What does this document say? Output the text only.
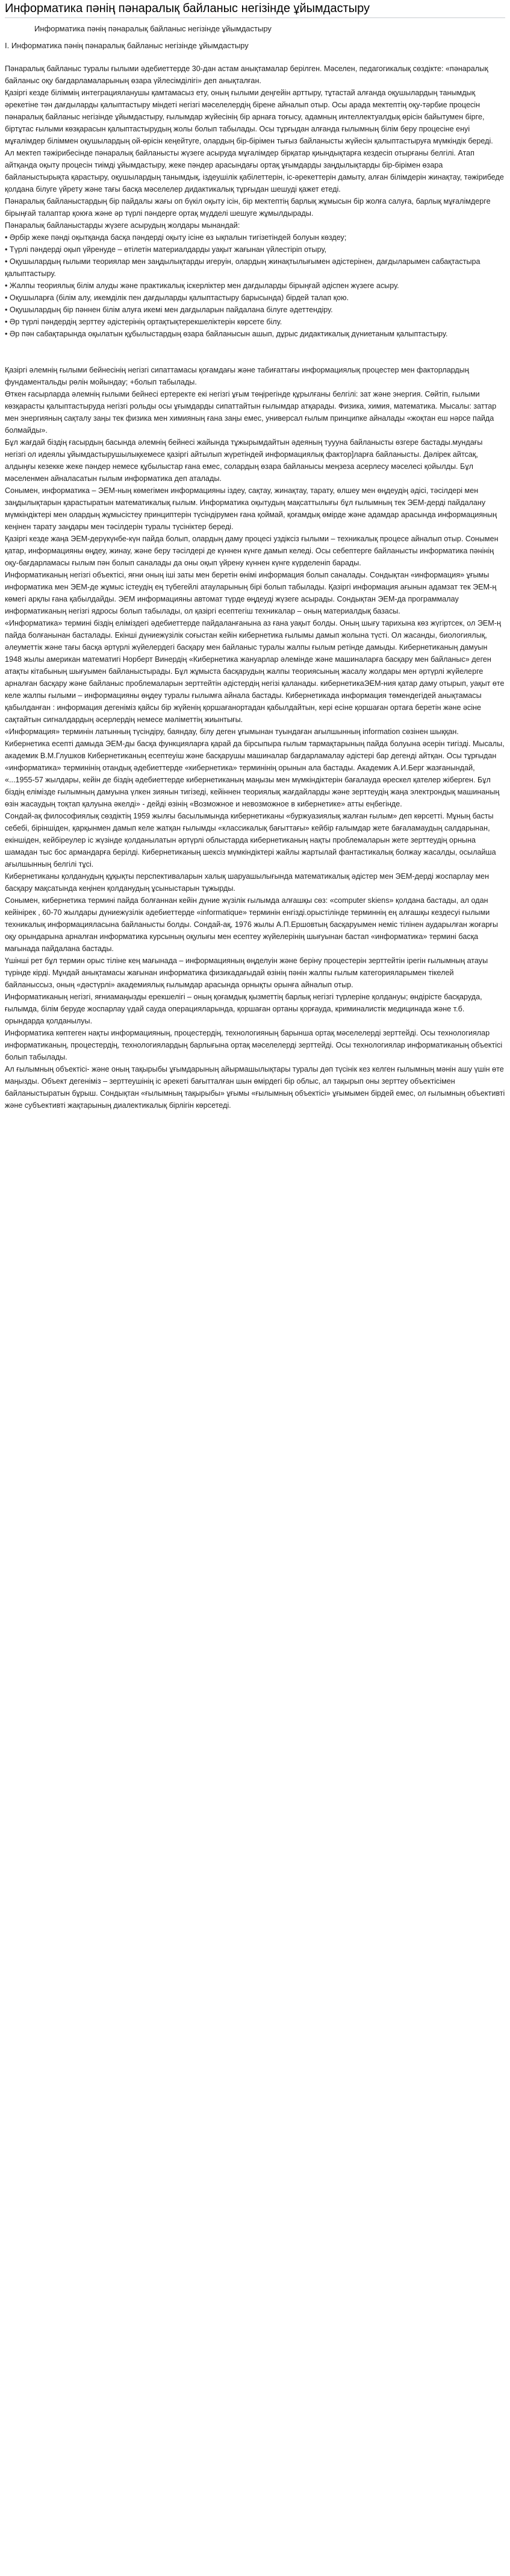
Информатика пәнің пәнаралық байланыс негізінде ұйымдастыру
Информатика пәнің пәнаралық байланыс негізінде ұйымдастыру
І. Информатика пәнің пәнаралық байланыс негізінде ұйымдастыру

Пәнаралық байланыс туралы ғылыми әдебиеттерде 30-дан астам анықтамалар берілген. Мәселен, педагогикалық сөздікте: «пәнаралық байланыс оқу бағдарламаларының өзара үйлесімділігі» деп анықталған.

Қазіргі кезде біліммің интеграцияланушы қамтамасыз ету, оның ғылыми деңгейін арттыру, тұтастай алғанда оқушылардың танымдық әрекетіне тән дағдыларды қалыптастыру міндеті негізгі мәселелердің бірене айналып отыр. Осы арада мектептің оқу-тәрбие процесін пәнаралық байланыс негізінде ұйымдастыру, ғылымдар жүйесінің бір арнаға тоғысу, адамның интеллектуалдық өрісін байытумен бірге, біртұтас ғылыми көзқарасын қалыптастырудың жолы болып табылады. Осы тұрғыдан алғанда ғылымның білім беру процесіне енуі мұғалімдер біліммен оқушылардың ой-өрісін кеңейтуге, олардың бір-бірімен тығыз байланысты жүйесін қалыптастыруға мүмкіндік береді.

Ал мектеп тәжірибесінде пәнаралық байланысты жүзеге асыруда мұғалімдер бірқатар қиындықтарға кездесіп отырғаны белгілі. Атап айтқанда оқыту процесін тиімді ұйымдастыру, жеке пәндер арасындағы ортақ ұғымдарды заңдылықтарды бір-бірімен өзара байланыстырықта қарастыру, оқушылардың танымдық, іздеушілік қабілеттерін, іс-әрекеттерін дамыту, алған білімдерін жинақтау, тәжірибеде қолдана білуге үйрету және тағы басқа мәселелер дидактикалық тұрғыдан шешуді қажет етеді.

Пәнаралық байланыстардың бір пайдалы жағы оп бүкіл оқыту ісін, бір мектептің барлық жұмысын бір жолға салуға, барлық мұғалімдерге бірыңғай талаптар қоюға және әр түрлі пәндерге ортақ мүдделі шешуге жұмылдырады.

Пәнаралық байланыстарды жүзеге асырудың жолдары мынандай:

• Әрбір жеке пәнді оқытқанда басқа пәндерді оқыту ісіне өз ықпалын тигізетіндей болуын көздеу;

• Түрлі пәндерді оқып үйренуде – өтілетін материалдарды уақыт жағынан үйлестіріп отыру,

• Оқушылардың ғылыми теориялар мен заңдылықтарды игеруін, олардың жинақтылығымен әдістерінен, дағдыларымен сабақтастыра қалыптастыру.

• Жалпы теориялық білім алуды және практикалық іскерліктер мен дағдыларды бірыңғай әдіспен жүзеге асыру.

• Оқушыларға (білім алу, икемділік пен дағдыларды қалыптастыру барысында) бірдей талап қою.

• Оқушылардың бір пәннен білім алуға икемі мен дағдыларын пайдалана білуге әдеттендіру.

• Әр түрлі пәндердің зерттеу әдістерінің ортақтықтерекшеліктерін көрсете білу.

• Әр пән сабақтарында оқылатын құбылыстардың өзара байланысын ашып, дұрыс дидактикалық дүниетаным қалыптастыру.

Қазіргі әлемнің ғылыми бейнесінің негізгі сипаттамасы қоғамдағы және табиғаттағы информациялық процестер мен факторлардың фундаментальды рөлін мойындау; +болып табылады.

Өткен ғасырларда әлемнің ғылыми бейнесі ертеректе екі негізгі ұғым төңірегінде құрылғаны белгілі: зат және энергия. Сөйтіп, ғылыми көзқарасты қалыптастыруда негізгі рольды осы ұғымдарды сипаттайтын ғылымдар атқарады. Физика, химия, математика. Мысалы: заттар мен энергияның сақталу заңы тек физика мен химияның ғана заңы емес, универсал ғылым принципке айналады «жоқтан еш нәрсе пайда болмайды».

Бұл жағдай біздің ғасырдың басында әлемнің бейнесі жайында тұжырымдайтын әдеяның туууна байланысты өзгере бастады.мундағы негізгі ол идеялы ұйымдастырушылықкемесе қазіргі айтылып жүретіндей информациялық фактор]ларға байланысты. Дәлірек айтсақ, алдыңғы кезекке жеке пәндер немесе құбылыстар ғана емес, солардың өзара байланысы меңзеза асерлесу мәселесі қойылды. Бұл мәселенмен айналасатын ғылым информатика деп аталады.

Сонымен, информатика – ЭЕМ-ның көмегімен информацияны іздеу, сақтау, жинақтау, тарату, өлшеу мен өңдеудің әдісі, тәсілдері мен заңдылықтарын қарастыратын математикалық ғылым. Информатика оқытудың мақсаттылығы бұл ғылымның тек ЭЕМ-дерді пайдалану мүмкіндіктері мен олардың жұмысістеу принциптерін түсіндірумен ғана қоймай, қоғамдық өмірде және адамдар арасында информацияның кеңінен тарату заңдары мен тәсілдерін туралы түсініктер береді.

Қазіргі кезде жаңа ЭЕМ-дерүкүнбе-күн пайда болып, олардың даму процесі уздіксіз ғылыми – техникалық процесе айналып отыр. Сонымен қатар, информацияны өңдеу, жинау, және беру тәсілдері де күннен күнге дамып келеді. Осы себептерге байланысты информатика пәнінің оқу-бағдарламасы ғылым пән болып саналады да оны оқып үйрену күннен күнге күрделеніп барады.

Информатиканың негізгі объектісі, яғни оның іші заты мен беретін өнімі информация болып саналады. Сондықтан «информация» ұғымы информатика мен ЭЕМ-де жұмыс істеудің ең түбегейлі атауларының бірі болып табылады. Қазіргі информация ағынын адамзат тек ЭЕМ-ң көмегі арқлы ғана қабылдайды. ЭЕМ информацияны автомат түрде өңдеуді жүзеге асырады. Сондықтан ЭЕМ-да программалау информатиканың негізгі ядросы болып табылады, ол қазіргі есептегіш техникалар – оның материалдық базасы.

«Информатика» термині біздің еліміздегі әдебиеттерде пайдаланғанына аз ғана уақыт болды. Оның шығу тарихына көз жүгіртсек, ол ЭЕМ-ң пайда болғанынан басталады. Екінші дүниежүзілік соғыстан кейін кибернетика ғылымы дамып жолына түсті. Ол жасанды, биологиялық, әлеуметтік және тағы басқа әртүрлі жүйелердегі басқару мен байланыс туралы жалпы ғылым ретінде дамыды. Кибернетиканың дамуын 1948 жылы американ математигі Норберт Винердің «Кибернетика жануарлар әлемінде және машиналарға басқару мен байланыс» деген атақты кітабының шығуымен байланыстырады. Бұл жұмыста басқарудың жалпы теориясының жасалу жолдары мен әртүрлі жүйелерге арналған басқару және байланыс проблемаларын зерттейтін әдістердің негізі қаланады. кибернетикаЭЕМ-ния қатар даму отырып, уақыт өте келе жалпы ғылыми – информацияны өңдеу туралы ғылымға айнала бастады. Кибернетикада информация төмендегідей анықтамасы қабылданған : информация дегеніміз қайсы бір жүйенің қоршағанортадан қабылдайтын, кері есіне қоршаған ортаға беретін және әсіне сақтайтын сигналдардың әсерлердің немесе мәліметтің жиынтығы.

«Информация» терминін латынның түсіндіру, баяндау, білу деген ұғымынан туындаған ағылшынның information сөзінен шыққан.

Кибернетика есепті дамыда ЭЕМ-ды басқа функцияларға қарай да бірсыпыра ғылым тармақтарының пайда болуына әсерін тигізді. Мысалы, академик В.М.Глушков Кибернетиканың есептеуіш және басқарушы машиналар бағдарламалау әдістері бар дегенді айтқан. Осы тұрғыдан «информатика» терминінің отандық әдебиеттерде «кибернетика» терминінің орынын ала бастады. Академик А.И.Берг жазғанындай, «...1955-57 жылдары, кейін де біздің әдебиеттерде кибернетиканың маңызы мен мүмкіндіктерін бағалауда өрескел қателер жіберген. Бұл біздің елімізде ғылымның дамуына үлкен зиянын тигізеді, кейіннен теориялық жағдайларды және зерттеудің жаңа электрондық машинаның өзін жасаудың тоқтап қалуына әкелді» - дейді өзінің «Возможное и невозможное в кибернетике» атты еңбегінде.

Сондай-ақ философиялық сөздіктің 1959 жылғы басылымында кибернетиканы «буржуазиялық жалған ғылым» деп көрсетті. Мұның басты себебі, біріншіден, қарқынмен дамып келе жатқан ғылымды «классикалық бағыттағы» кейбір ғалымдар жете бағаламаудың салдарынан, екіншіден, кейбіреулер іс жүзінде қолданылатын әртүрлі облыстарда кибернетиканың нақты проблемаларын жете зерттеудің орнына шамадан тыс бос армандарға берілді. Кибернетиканың шексіз мүмкіндіктері жайлы жартылай фантастикалық болжау жасалды, осылайша ағылшынның белгілі тұсі.

Кибернетиканы қолданудың құқықты перспективаларын халық шаруашылығында математикалық әдістер мен ЭЕМ-дерді жоспарлау мен басқару мақсатында кеңінен қолданудың ұсыныстарын тұжырды.

Сонымен, кибернетика термині пайда болғаннан кейін дүние жүзілік ғылымда алғашқы сөз: «computer skiens» қолдана бастады, ал одан кейінірек , 60-70 жылдары дүниежүзілік әдебиеттерде «informatique» терминін енгізді.орыстілінде терминнің ең алғашқы кездесуі ғылыми техникалық информацияласына байланысты болды. Сондай-ақ, 1976 жылы А.П.Ершовтың басқаруымен неміс тілінен аударылған жоғарғы оқу орындарына арналған информатика курсының оқулығы мен есептеу жүйелерінің шығуынан бастап «информатика» термині басқа мағынада пайдалана бастады.

Үшінші рет бұл термин орыс тіліне кең мағынада – информацияның өңделуін және беріну процестерін зерттейтін ірегін ғылымның атауы түрінде кірді. Мұндай анықтамасы жағынан информатика физикадағыдай өзінің пәнін жалпы ғылым категорияларымен тікелей байланыссыз, оның «дәстүрлі» академиялық ғылымдар арасында орнықты орынға айналып отыр.

Информатиканың негізгі, яғниамаңызды ерекшелігі – оның қоғамдық қызметтің барлық негізгі түрлеріне қолдануы; өндірісте басқаруда, ғылымда, білім беруде жоспарлау үдай сауда операцияларында, қоршаған ортаны қорғауда, криминалистік медицинада және т.б. орындарда қолданылуы.

Информатика көптеген нақты информацияның, процестердің, технологияның барынша ортақ мәселелерді зерттейді. Осы технологиялар информатиканың, процестердің, технологиялардың барлығына ортақ мәселелерді зерттейді. Осы технологиялар информатиканың объектісі болып табылады.

Ал ғылымның объектісі- және оның тақырыбы ұғымдарының айырмашылықтары туралы дәп түсінік кез келген ғылымның мәнін ашу үшін өте маңызды. Объект дегеніміз – зерттеушінің іс әрекеті бағытталған шын өмірдегі бір облыс, ал тақырып оны зерттеу объектісімен байланыстыратын бұрыш. Сондықтан «ғылымның тақырыбы» ұғымы «ғылымның объектісі» ұғымымен бірдей емес, ол ғылымның объективті және субъективті жақтарының диалектикалық бірлігін көрсетеді.
